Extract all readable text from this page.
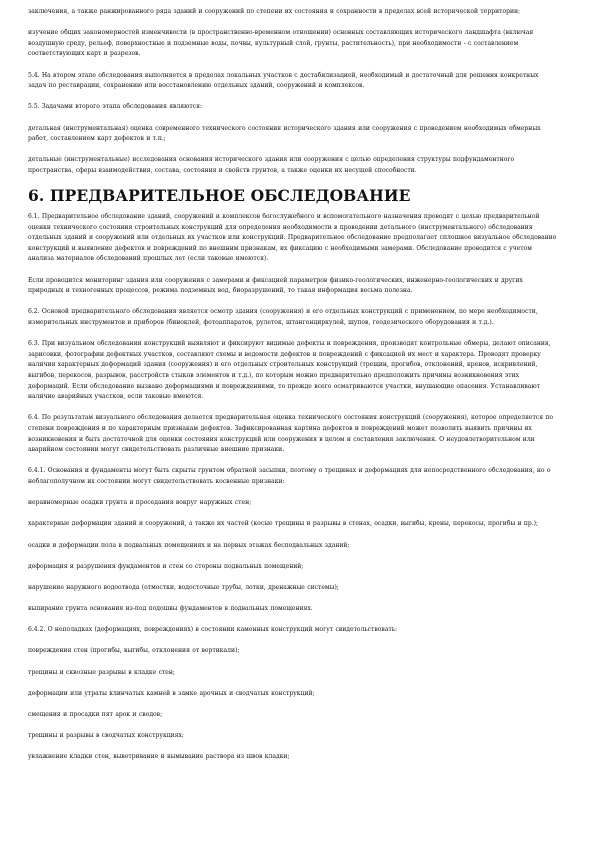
заключения, а также ранжированного ряда зданий и сооружений по степени их состояния и сохранности в пределах всей исторической территории;

изучение общих закономерностей изменчивости (в пространственно-временном отношении) основных составляющих исторического ландшафта (включая воздушную среду, рельеф, поверхностные и подземные воды, почвы, культурный слой, грунты, растительность), при необходимости - с составлением соответствующих карт и разрезов.

5.4. На втором этапе обследования выполняется в пределах локальных участков с дестабилизацией, необходимый и достаточный для решения конкретных задач по реставрации, сохранению или восстановлению отдельных зданий, сооружений и комплексов.

5.5. Задачами второго этапа обследования являются:

детальная (инструментальная) оценка современного технического состояния исторического здания или сооружения с проведением необходимых обмерных работ, составлением карт дефектов и т.п.;

детальные (инструментальные) исследования основания исторического здания или сооружения с целью определения структуры подфундаментного пространства, сферы взаимодействия, состава, состояния и свойств грунтов, а также оценки их несущей способности.

6. ПРЕДВАРИТЕЛЬНОЕ ОБСЛЕДОВАНИЕ

6.1. Предварительное обследование зданий, сооружений и комплексов богослужебного и вспомогательного назначения проводят с целью предварительной оценки технического состояния строительных конструкций для определения необходимости в проведении детального (инструментального) обследования отдельных зданий и сооружений или отдельных их участков или конструкций. Предварительное обследование предполагает сплошное визуальное обследование конструкций и выявление дефектов и повреждений по внешним признакам, их фиксацию с необходимыми замерами. Обследование проводится с учетом анализа материалов обследований прошлых лет (если таковые имеются).

Если проводится мониторинг здания или сооружения с замерами и фиксацией параметров физико-геологических, инженерно-геологических и других природных и техногенных процессов, режима подземных вод, биоразрушений, то такая информация весьма полезна.

6.2. Основой предварительного обследования является осмотр здания (сооружения) и его отдельных конструкций с применением, по мере необходимости, измерительных инструментов и приборов (биноклей, фотоаппаратов, рулеток, штангенциркулей, щупов, геодезического оборудования и т.д.).

6.3. При визуальном обследовании конструкций выявляют и фиксируют видимые дефекты и повреждения, производят контрольные обмеры, делают описания, зарисовки, фотографии дефектных участков, составляют схемы и ведомости дефектов и повреждений с фиксацией их мест и характера. Проводят проверку наличия характерных деформаций здания (сооружения) и его отдельных строительных конструкций (трещин, прогибов, отклонений, кренов, искривлений, выгибов, перекосов, разрывов, расстройств стыков элементов и т.д.), по которым можно предварительно предположить причины возникновения этих деформаций. Если обследование вызвано деформациями и повреждениями, то прежде всего осматриваются участки, внушающие опасения. Устанавливают наличие аварийных участков, если таковые имеются.

6.4. По результатам визуального обследования делается предварительная оценка технического состояния конструкций (сооружения), которое определяется по степени повреждения и по характерным признакам дефектов. Зафиксированная картина дефектов и повреждений может позволить выявить причины их возникновения и быть достаточной для оценки состояния конструкций или сооружения в целом и составления заключения. О неудовлетворительном или аварийном состоянии могут свидетельствовать различные внешние признаки.

6.4.1. Основания и фундаменты могут быть скрыты грунтом обратной засыпки, поэтому о трещинах и деформациях для непосредственного обследования, но о неблагополучном их состоянии могут свидетельствовать косвенные признаки:

неравномерные осадки грунта и проседания вокруг наружных стен;

характерные деформации зданий и сооружений, а также их частей (косые трещины и разрывы в стенах, осадки, выгибы, крены, перекосы, прогибы и пр.);

осадки и деформации пола в подвальных помещениях и на первых этажах бесподвальных зданий;

деформация и разрушения фундаментов и стен со стороны подвальных помещений;

нарушение наружного водоотвода (отмостки, водосточные трубы, лотки, дренажные системы);

выпирание грунта основания из-под подошвы фундаментов в подвальных помещениях.

6.4.2. О неполадках (деформациях, повреждениях) в состоянии каменных конструкций могут свидетельствовать:

повреждения стен (прогибы, выгибы, отклонения от вертикали);

трещины и сквозные разрывы в кладке стен;

деформации или утраты клинчатых камней в замке арочных и сводчатых конструкций;

смещения и просадки пят арок и сводов;

трещины и разрывы в сводчатых конструкциях;

увлажнение кладки стен, выветривание и вымывание раствора из швов кладки;
